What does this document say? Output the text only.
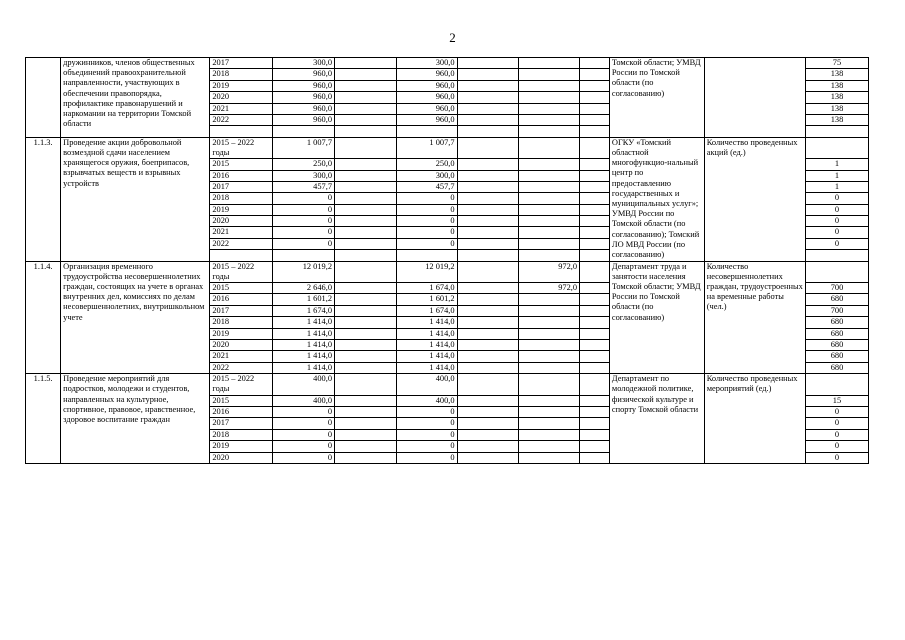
2
	дружинников, членов общественных объединений правоохранительной направленности, участвующих в обеспечении правопорядка, профилактике правонарушений и наркомании на территории Томской области	2017	300,0		300,0				Томской области; УМВД России по Томской области (по согласованию)		75
		2018	960,0		960,0						138
		2019	960,0		960,0						138
		2020	960,0		960,0						138
		2021	960,0		960,0						138
		2022	960,0		960,0						138

1.1.3.	Проведение акции добровольной возмездной сдачи населением хранящегося оружия, боеприпасов, взрывчатых веществ и взрывных устройств	2015 – 2022 годы	1 007,7		1 007,7				ОГКУ «Томский областной многофункцио-нальный центр по предоставлению государственных и муниципальных услуг»; УМВД России по Томской области (по согласованию); Томский ЛО МВД России (по согласованию)	Количество проведенных акций (ед.)	
		2015	250,0		250,0						1
		2016	300,0		300,0						1
		2017	457,7		457,7						1
		2018	0		0						0
		2019	0		0						0
		2020	0		0						0
		2021	0		0						0
		2022	0		0						0

1.1.4.	Организация временного трудоустройства несовершеннолетних граждан, состоящих на учете в органах внутренних дел, комиссиях по делам несовершеннолетних, внутришкольном учете	2015 – 2022 годы	12 019,2		12 019,2		972,0		Департамент труда и занятости населения Томской области; УМВД России по Томской области (по согласованию)	Количество несовершеннолетних граждан, трудоустроенных на временные работы (чел.)	
		2015	2 646,0		1 674,0		972,0				700
		2016	1 601,2		1 601,2						680
		2017	1 674,0		1 674,0						700
		2018	1 414,0		1 414,0						680
		2019	1 414,0		1 414,0						680
		2020	1 414,0		1 414,0						680
		2021	1 414,0		1 414,0						680
		2022	1 414,0		1 414,0						680
1.1.5.	Проведение мероприятий для подростков, молодежи и студентов, направленных на культурное, спортивное, правовое, нравственное, здоровое воспитание граждан	2015 – 2022 годы	400,0		400,0				Департамент по молодежной политике, физической культуре и спорту Томской области	Количество проведенных мероприятий (ед.)	
		2015	400,0		400,0						15
		2016	0		0						0
		2017	0		0						0
		2018	0		0						0
		2019	0		0						0
		2020	0		0						0
